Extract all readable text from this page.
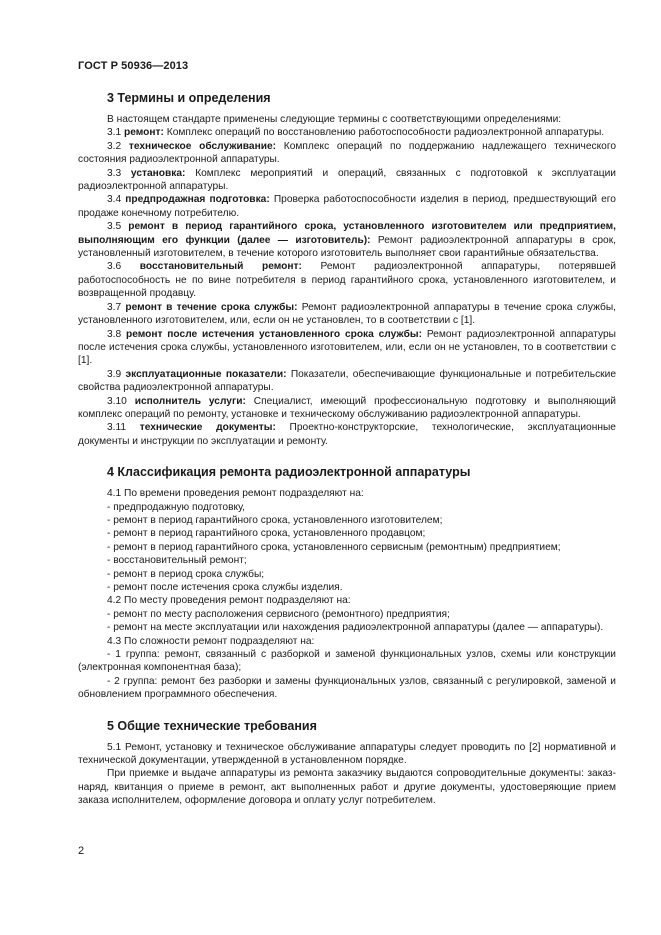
ГОСТ Р 50936—2013
3 Термины и определения

В настоящем стандарте применены следующие термины с соответствующими определениями:

3.1 ремонт: Комплекс операций по восстановлению работоспособности радиоэлектронной аппаратуры.

3.2 техническое обслуживание: Комплекс операций по поддержанию надлежащего технического состояния радиоэлектронной аппаратуры.

3.3 установка: Комплекс мероприятий и операций, связанных с подготовкой к эксплуатации радиоэлектронной аппаратуры.

3.4 предпродажная подготовка: Проверка работоспособности изделия в период, предшествующий его продаже конечному потребителю.

3.5 ремонт в период гарантийного срока, установленного изготовителем или предприятием, выполняющим его функции (далее — изготовитель): Ремонт радиоэлектронной аппаратуры в срок, установленный изготовителем, в течение которого изготовитель выполняет свои гарантийные обязательства.

3.6 восстановительный ремонт: Ремонт радиоэлектронной аппаратуры, потерявшей работоспособность не по вине потребителя в период гарантийного срока, установленного изготовителем, и возвращенной продавцу.

3.7 ремонт в течение срока службы: Ремонт радиоэлектронной аппаратуры в течение срока службы, установленного изготовителем, или, если он не установлен, то в соответствии с [1].

3.8 ремонт после истечения установленного срока службы: Ремонт радиоэлектронной аппаратуры после истечения срока службы, установленного изготовителем, или, если он не установлен, то в соответствии с [1].

3.9 эксплуатационные показатели: Показатели, обеспечивающие функциональные и потребительские свойства радиоэлектронной аппаратуры.

3.10 исполнитель услуги: Специалист, имеющий профессиональную подготовку и выполняющий комплекс операций по ремонту, установке и техническому обслуживанию радиоэлектронной аппаратуры.

3.11 технические документы: Проектно-конструкторские, технологические, эксплуатационные документы и инструкции по эксплуатации и ремонту.

4 Классификация ремонта радиоэлектронной аппаратуры

4.1 По времени проведения ремонт подразделяют на:

- предпродажную подготовку,

- ремонт в период гарантийного срока, установленного изготовителем;

- ремонт в период гарантийного срока, установленного продавцом;

- ремонт в период гарантийного срока, установленного сервисным (ремонтным) предприятием;

- восстановительный ремонт;

- ремонт в период срока службы;

- ремонт после истечения срока службы изделия.

4.2 По месту проведения ремонт подразделяют на:

- ремонт по месту расположения сервисного (ремонтного) предприятия;

- ремонт на месте эксплуатации или нахождения радиоэлектронной аппаратуры (далее — аппаратуры).

4.3 По сложности ремонт подразделяют на:

- 1 группа: ремонт, связанный с разборкой и заменой функциональных узлов, схемы или конструкции (электронная компонентная база);

- 2 группа: ремонт без разборки и замены функциональных узлов, связанный с регулировкой, заменой и обновлением программного обеспечения.

5 Общие технические требования

5.1 Ремонт, установку и техническое обслуживание аппаратуры следует проводить по [2] нормативной и технической документации, утвержденной в установленном порядке.

При приемке и выдаче аппаратуры из ремонта заказчику выдаются сопроводительные документы: заказ-наряд, квитанция о приеме в ремонт, акт выполненных работ и другие документы, удостоверяющие прием заказа исполнителем, оформление договора и оплату услуг потребителем.

2
